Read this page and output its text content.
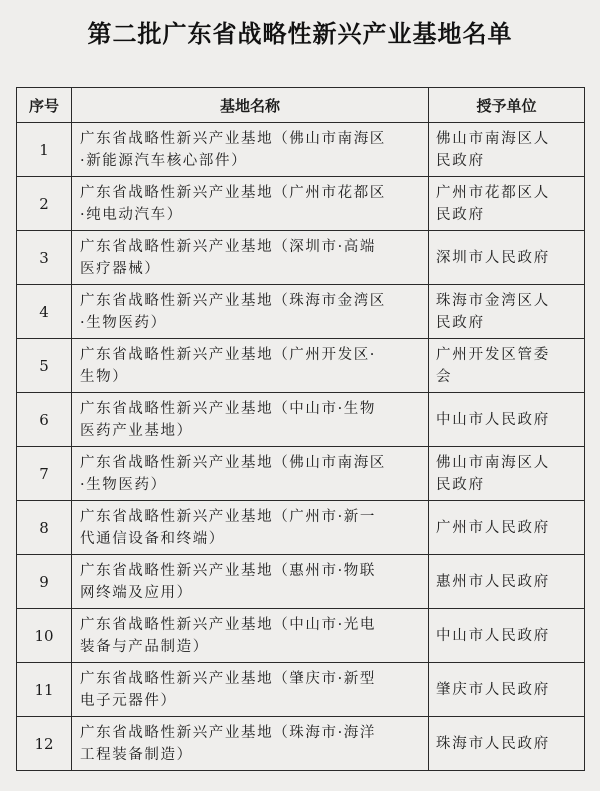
第二批广东省战略性新兴产业基地名单
序号	基地名称	授予单位
1	广东省战略性新兴产业基地（佛山市南海区
·新能源汽车核心部件）	佛山市南海区人
民政府

2	广东省战略性新兴产业基地（广州市花都区
·纯电动汽车）	广州市花都区人
民政府

3	广东省战略性新兴产业基地（深圳市·高端
医疗器械）	深圳市人民政府

4	广东省战略性新兴产业基地（珠海市金湾区
·生物医药）	珠海市金湾区人
民政府

5	广东省战略性新兴产业基地（广州开发区·
生物）	广州开发区管委
会

6	广东省战略性新兴产业基地（中山市·生物
医药产业基地）	中山市人民政府

7	广东省战略性新兴产业基地（佛山市南海区
·生物医药）	佛山市南海区人
民政府

8	广东省战略性新兴产业基地（广州市·新一
代通信设备和终端）	广州市人民政府

9	广东省战略性新兴产业基地（惠州市·物联
网终端及应用）	惠州市人民政府

10	广东省战略性新兴产业基地（中山市·光电
装备与产品制造）	中山市人民政府

11	广东省战略性新兴产业基地（肇庆市·新型
电子元器件）	肇庆市人民政府

12	广东省战略性新兴产业基地（珠海市·海洋
工程装备制造）	珠海市人民政府
